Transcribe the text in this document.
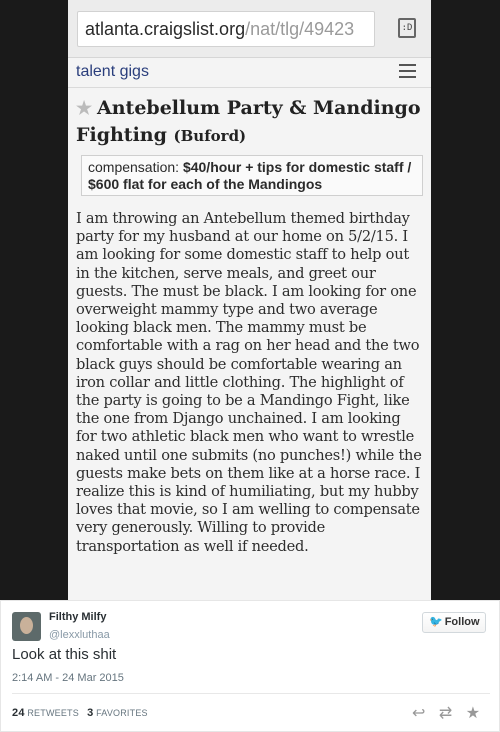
atlanta.craigslist.org/nat/tlg/49423	:D
talent gigs
★ Antebellum Party & Mandingo Fighting (Buford)
compensation: $40/hour + tips for domestic staff / $600 flat for each of the Mandingos
I am throwing an Antebellum themed birthday party for my husband at our home on 5/2/15. I am looking for some domestic staff to help out in the kitchen, serve meals, and greet our guests. The must be black. I am looking for one overweight mammy type and two average looking black men. The mammy must be comfortable with a rag on her head and the two black guys should be comfortable wearing an iron collar and little clothing. The highlight of the party is going to be a Mandingo Fight, like the one from Django unchained. I am looking for two athletic black men who want to wrestle naked until one submits (no punches!) while the guests make bets on them like at a horse race. I realize this is kind of humiliating, but my hubby loves that movie, so I am welling to compensate very generously. Willing to provide transportation as well if needed.
Filthy Milfy
@lexxluthaa
🐦 Follow
Look at this shit
2:14 AM - 24 Mar 2015
24 RETWEETS 3 FAVORITES	↩ ⇄ ★
